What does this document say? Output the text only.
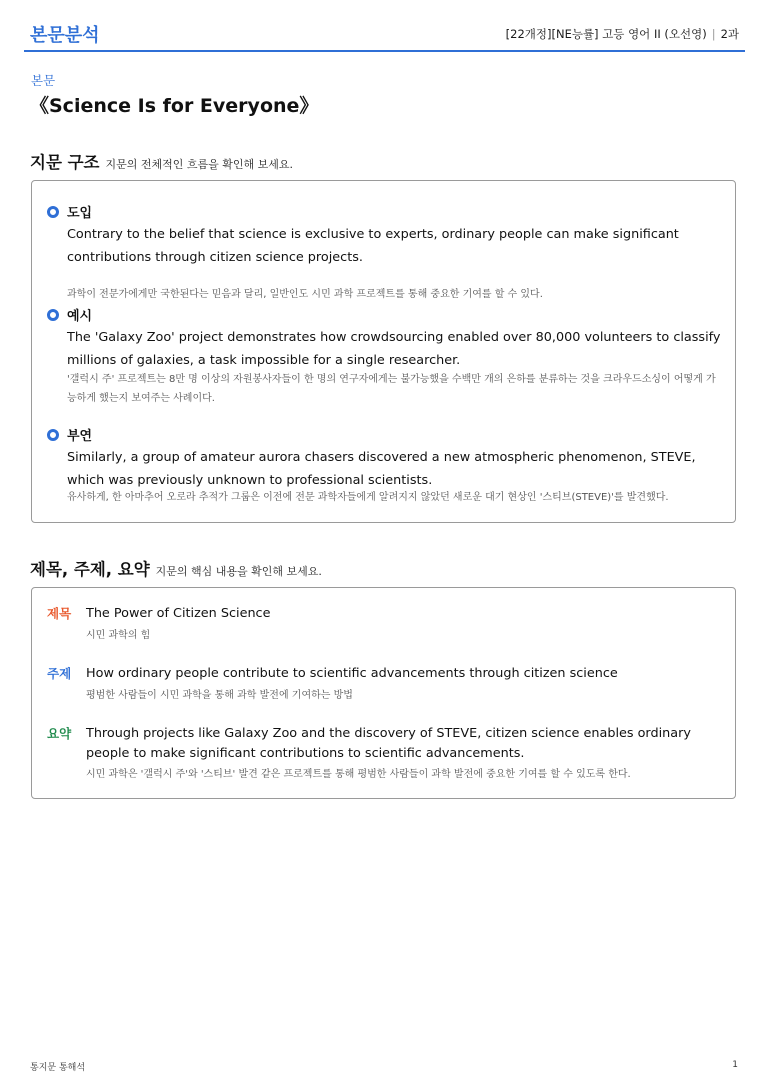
본문분석	[22개정][NE능률] 고등 영어 II (오선영) | 2과
본문
《Science Is for Everyone》
지문 구조 지문의 전체적인 흐름을 확인해 보세요.
도입
Contrary to the belief that science is exclusive to experts, ordinary people can make significant contributions through citizen science projects.
과학이 전문가에게만 국한된다는 믿음과 달리, 일반인도 시민 과학 프로젝트를 통해 중요한 기여를 할 수 있다.
예시
The 'Galaxy Zoo' project demonstrates how crowdsourcing enabled over 80,000 volunteers to classify millions of galaxies, a task impossible for a single researcher.
'갤럭시 주' 프로젝트는 8만 명 이상의 자원봉사자들이 한 명의 연구자에게는 불가능했을 수백만 개의 은하를 분류하는 것을 크라우드소싱이 어떻게 가능하게 했는지 보여주는 사례이다.
부연
Similarly, a group of amateur aurora chasers discovered a new atmospheric phenomenon, STEVE, which was previously unknown to professional scientists.
유사하게, 한 아마추어 오로라 추적가 그룹은 이전에 전문 과학자들에게 알려지지 않았던 새로운 대기 현상인 '스티브(STEVE)'를 발견했다.
제목, 주제, 요약 지문의 핵심 내용을 확인해 보세요.
제목 The Power of Citizen Science
시민 과학의 힘
주제 How ordinary people contribute to scientific advancements through citizen science
평범한 사람들이 시민 과학을 통해 과학 발전에 기여하는 방법
요약 Through projects like Galaxy Zoo and the discovery of STEVE, citizen science enables ordinary people to make significant contributions to scientific advancements.
시민 과학은 '갤럭시 주'와 '스티브' 발견 같은 프로젝트를 통해 평범한 사람들이 과학 발전에 중요한 기여를 할 수 있도록 한다.
통지문 통해석	1
